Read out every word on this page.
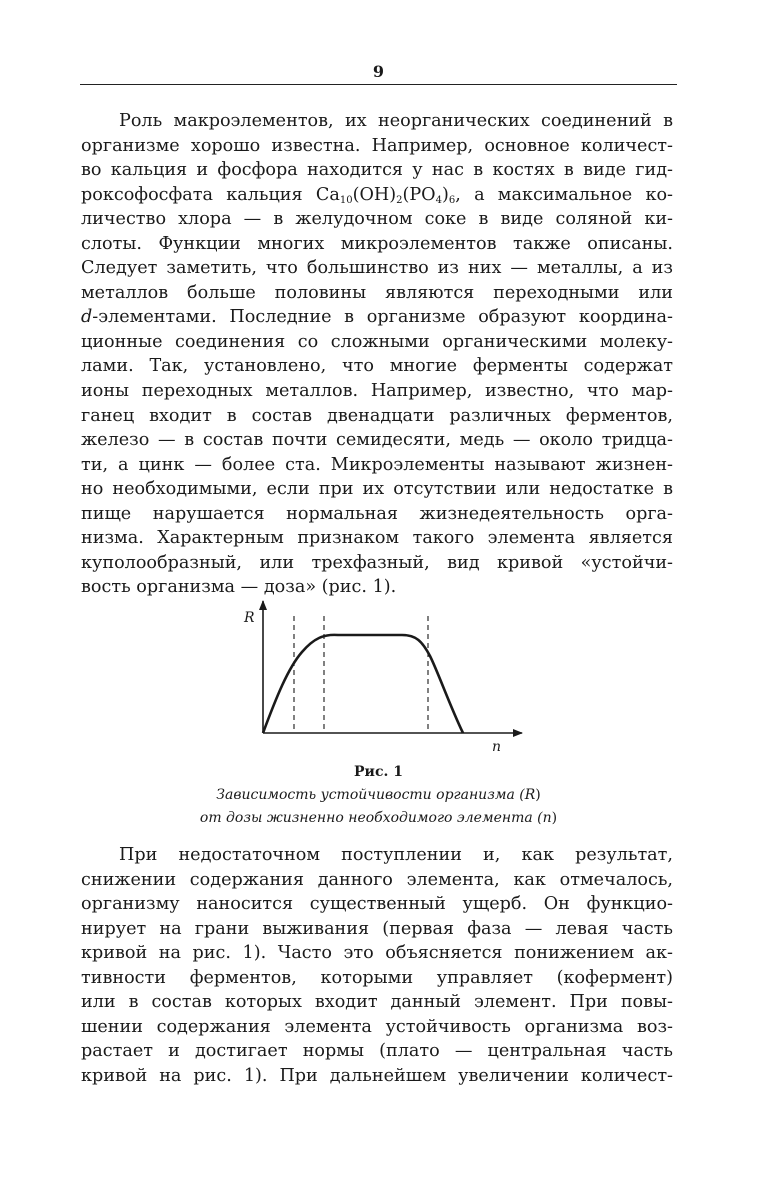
9
Роль макроэлементов, их неорганических соединений в
организме хорошо известна. Например, основное количест-
во кальция и фосфора находится у нас в костях в виде гид-
роксофосфата кальция $Ca_{10}(OH)_2(PO_4)_6$, а максимальное ко-
личество хлора — в желудочном соке в виде соляной ки-
слоты. Функции многих микроэлементов также описаны.
Следует заметить, что большинство из них — металлы, а из
металлов больше половины являются переходными или
d-элементами. Последние в организме образуют координа-
ционные соединения со сложными органическими молеку-
лами. Так, установлено, что многие ферменты содержат
ионы переходных металлов. Например, известно, что мар-
ганец входит в состав двенадцати различных ферментов,
железо — в состав почти семидесяти, медь — около тридца-
ти, а цинк — более ста. Микроэлементы называют жизнен-
но необходимыми, если при их отсутствии или недостатке в
пище нарушается нормальная жизнедеятельность орга-
низма. Характерным признаком такого элемента является
куполообразный, или трехфазный, вид кривой «устойчи-
вость организма — доза» (рис. 1).
R
n

Рис. 1

Зависимость устойчивости организма (R)

от дозы жизненно необходимого элемента (n)

При недостаточном поступлении и, как результат,
снижении содержания данного элемента, как отмечалось,
организму наносится существенный ущерб. Он функцио-
нирует на грани выживания (первая фаза — левая часть
кривой на рис. 1). Часто это объясняется понижением ак-
тивности ферментов, которыми управляет (кофермент)
или в состав которых входит данный элемент. При повы-
шении содержания элемента устойчивость организма воз-
растает и достигает нормы (плато — центральная часть
кривой на рис. 1). При дальнейшем увеличении количест-
